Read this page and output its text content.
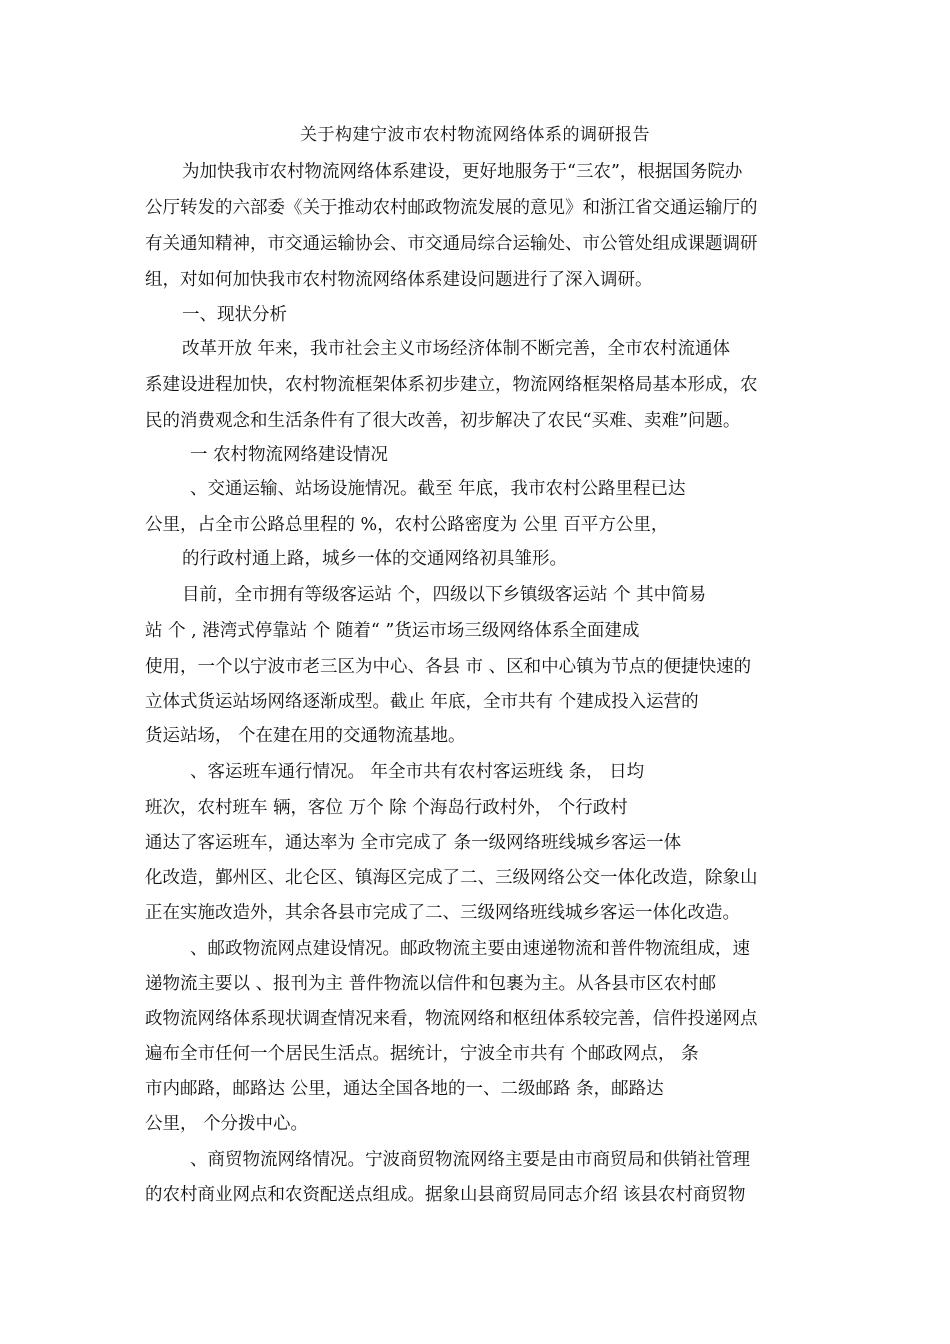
关于构建宁波市农村物流网络体系的调研报告
为加快我市农村物流网络体系建设，更好地服务于“三农”，根据国务院办
公厅转发的六部委《关于推动农村邮政物流发展的意见》和浙江省交通运输厅的
有关通知精神，市交通运输协会、市交通局综合运输处、市公管处组成课题调研
组，对如何加快我市农村物流网络体系建设问题进行了深入调研。
一、现状分析
改革开放 年来，我市社会主义市场经济体制不断完善，全市农村流通体
系建设进程加快，农村物流框架体系初步建立，物流网络框架格局基本形成，农
民的消费观念和生活条件有了很大改善，初步解决了农民“买难、卖难”问题。
一 农村物流网络建设情况
、交通运输、站场设施情况。截至 年底，我市农村公路里程已达
公里，占全市公路总里程的 %，农村公路密度为 公里 百平方公里，
的行政村通上路，城乡一体的交通网络初具雏形。
目前，全市拥有等级客运站 个，四级以下乡镇级客运站 个 其中简易
站 个 , 港湾式停靠站 个 随着“ ”货运市场三级网络体系全面建成
使用，一个以宁波市老三区为中心、各县 市 、区和中心镇为节点的便捷快速的
立体式货运站场网络逐渐成型。截止 年底，全市共有 个建成投入运营的
货运站场， 个在建在用的交通物流基地。
、客运班车通行情况。 年全市共有农村客运班线 条， 日均
班次，农村班车 辆，客位 万个 除 个海岛行政村外， 个行政村
通达了客运班车，通达率为 全市完成了 条一级网络班线城乡客运一体
化改造，鄞州区、北仑区、镇海区完成了二、三级网络公交一体化改造，除象山
正在实施改造外，其余各县市完成了二、三级网络班线城乡客运一体化改造。
、邮政物流网点建设情况。邮政物流主要由速递物流和普件物流组成，速
递物流主要以 、报刊为主 普件物流以信件和包裹为主。从各县市区农村邮
政物流网络体系现状调查情况来看，物流网络和枢纽体系较完善，信件投递网点
遍布全市任何一个居民生活点。据统计，宁波全市共有 个邮政网点， 条
市内邮路，邮路达 公里，通达全国各地的一、二级邮路 条，邮路达
公里， 个分拨中心。
、商贸物流网络情况。宁波商贸物流网络主要是由市商贸局和供销社管理
的农村商业网点和农资配送点组成。据象山县商贸局同志介绍 该县农村商贸物
